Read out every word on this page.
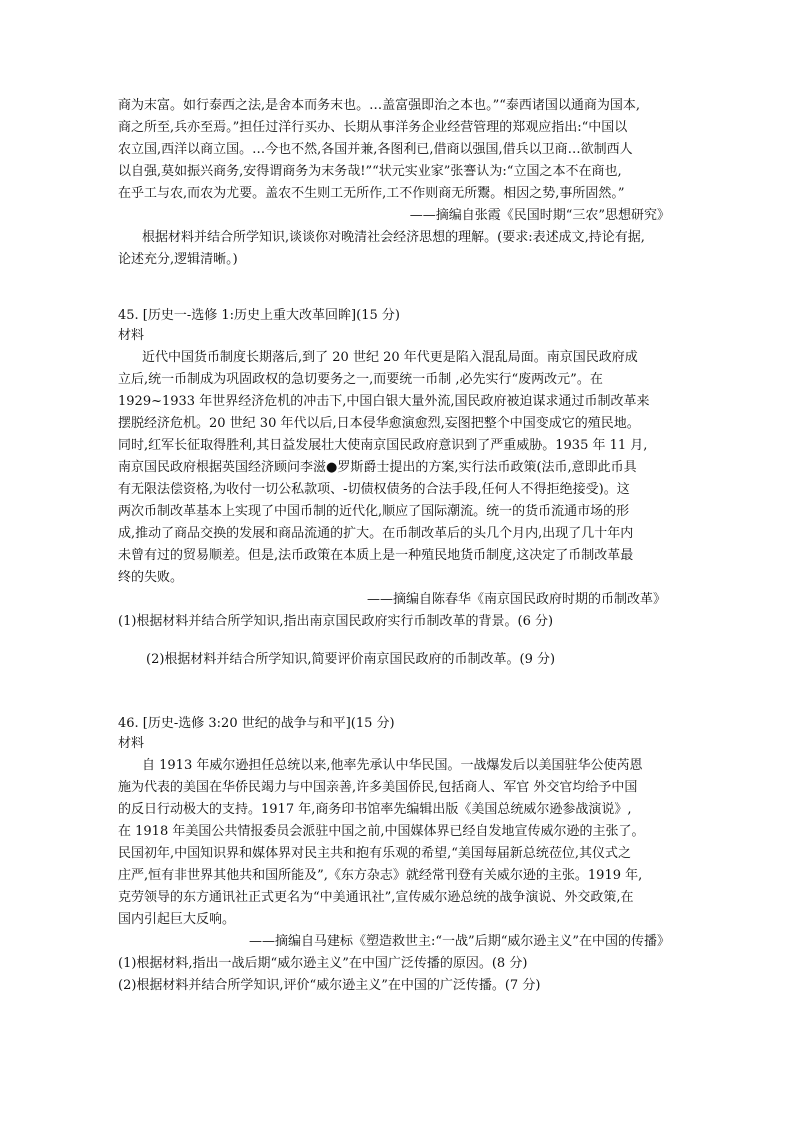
商为末富。如行泰西之法,是舍本而务末也。…盖富强即治之本也。”“泰西诸国以通商为国本,
商之所至,兵亦至焉。”担任过洋行买办、长期从事洋务企业经营管理的郑观应指出:“中国以
农立国,西洋以商立国。…今也不然,各国并兼,各图利已,借商以强国,借兵以卫商…欲制西人
以自强,莫如振兴商务,安得谓商务为末务哉!”“状元实业家”张謇认为:“立国之本不在商也,
在乎工与农,而农为尤要。盖农不生则工无所作,工不作则商无所鬻。相因之势,事所固然。”
——摘编自张霞《民国时期“三农”思想研究》
根据材料并结合所学知识,谈谈你对晚清社会经济思想的理解。(要求:表述成文,持论有据,
论述充分,逻辑清晰。)
45. [历史一-选修 1:历史上重大改革回眸](15 分)
材料
近代中国货币制度长期落后,到了 20 世纪 20 年代更是陷入混乱局面。南京国民政府成
立后,统一币制成为巩固政权的急切要务之一,而要统一币制 ,必先实行“废两改元”。在
1929~1933 年世界经济危机的冲击下,中国白银大量外流,国民政府被迫谋求通过币制改革来
摆脱经济危机。20 世纪 30 年代以后,日本侵华愈演愈烈,妄图把整个中国变成它的殖民地。
同时,红军长征取得胜利,其日益发展壮大使南京国民政府意识到了严重威胁。1935 年 11 月,
南京国民政府根据英国经济顾问李滋●罗斯爵士提出的方案,实行法币政策(法币,意即此币具
有无限法偿资格,为收付一切公私款项、-切债权债务的合法手段,任何人不得拒绝接受)。这
两次币制改革基本上实现了中国币制的近代化,顺应了国际潮流。统一的货币流通市场的形
成,推动了商品交换的发展和商品流通的扩大。在币制改革后的头几个月内,出现了几十年内
未曾有过的贸易顺差。但是,法币政策在本质上是一种殖民地货币制度,这决定了币制改革最
终的失败。
——摘编自陈春华《南京国民政府时期的币制改革》
(1)根据材料并结合所学知识,指出南京国民政府实行币制改革的背景。(6 分)
(2)根据材料并结合所学知识,简要评价南京国民政府的币制改革。(9 分)
46. [历史-选修 3:20 世纪的战争与和平](15 分)
材料
自 1913 年威尔逊担任总统以来,他率先承认中华民国。一战爆发后以美国驻华公使芮恩
施为代表的美国在华侨民竭力与中国亲善,许多美国侨民,包括商人、军官 外交官均给予中国
的反日行动极大的支持。1917 年,商务印书馆率先编辑出版《美国总统威尔逊参战演说》,
在 1918 年美国公共情报委员会派驻中国之前,中国媒体界已经自发地宣传威尔逊的主张了。
民国初年,中国知识界和媒体界对民主共和抱有乐观的希望,“美国每届新总统莅位,其仪式之
庄严,恒有非世界其他共和国所能及”,《东方杂志》就经常刊登有关威尔逊的主张。1919 年,
克劳领导的东方通讯社正式更名为“中美通讯社”,宣传威尔逊总统的战争演说、外交政策,在
国内引起巨大反响。
——摘编自马建标《塑造救世主:“一战”后期“威尔逊主义”在中国的传播》
(1)根据材料,指出一战后期“威尔逊主义”在中国广泛传播的原因。(8 分)
(2)根据材料并结合所学知识,评价“威尔逊主义”在中国的广泛传播。(7 分)
